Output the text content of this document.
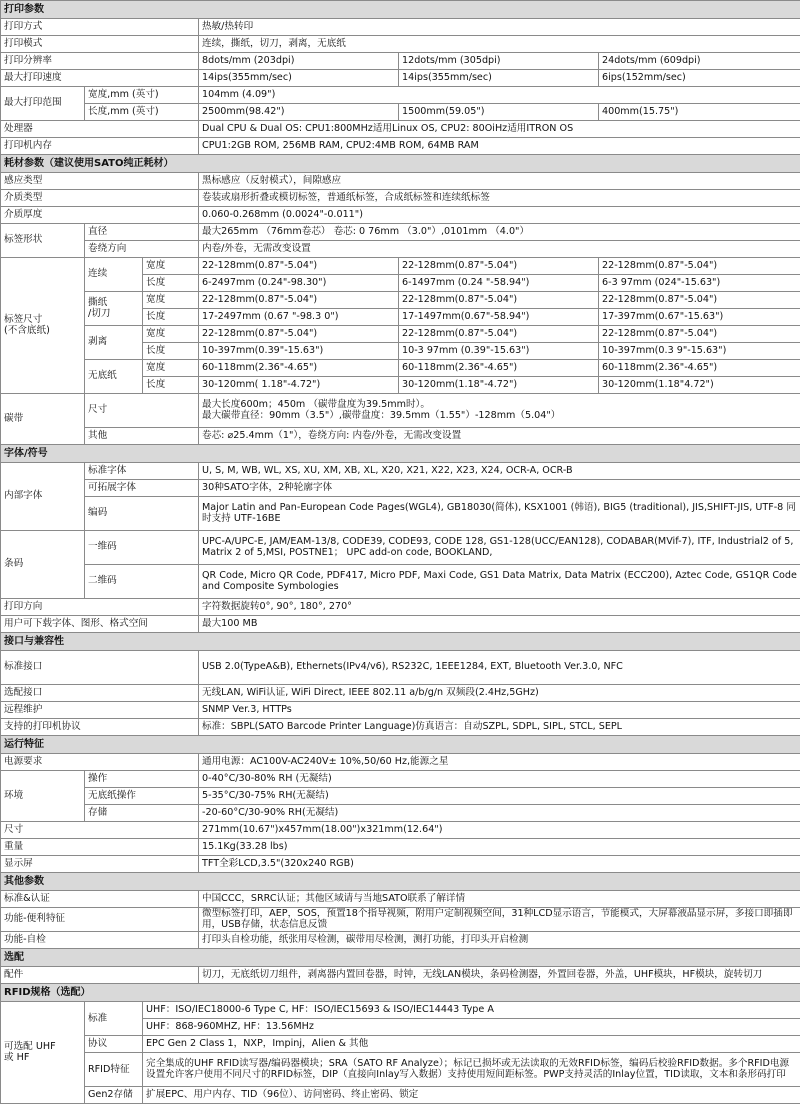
打印参数					
打印方式			热敏/热转印		
打印模式			连续，撕纸，切刀，剥离，无底纸		
打印分辨率			8dots/mm (203dpi)	12dots/mm (305dpi)	24dots/mm (609dpi)
最大打印速度			14ips(355mm/sec)	14ips(355mm/sec)	6ips(152mm/sec)
最大打印范围	宽度,mm (英寸)		104mm (4.09")		
	长度,mm (英寸)		2500mm(98.42")	1500mm(59.05")	400mm(15.75")
处理器			Dual CPU & Dual OS: CPU1:800MHz适用Linux OS, CPU2: 80OiHz适用ITRON OS		
打印机内存			CPU1:2GB ROM, 256MB RAM, CPU2:4MB ROM, 64MB RAM		
耗材参数（建议使用SATO纯正耗材）					
感应类型			黑标感应（反射模式），间隙感应		
介质类型			卷装或扇形折叠或模切标签，普通纸标签，合成纸标签和连续纸标签		
介质厚度			0.060-0.268mm (0.0024"-0.011")		
标签形状	直径		最大265mm （76mm卷芯） 卷芯: 0 76mm （3.0"）,0101mm （4.0"）		
	卷绕方向		内卷/外卷，无需改变设置		
标签尺寸
(不含底纸)	连续	宽度	22-128mm(0.87"-5.04")	22-128mm(0.87"-5.04")	22-128mm(0.87"-5.04")
		长度	6-2497mm (0.24"-98.30")	6-1497mm (0.24 "-58.94")	6-3 97mm (024"-15.63")
	撕纸
/切刀	宽度	22-128mm(0.87"-5.04")	22-128mm(0.87"-5.04")	22-128mm(0.87"-5.04")
		长度	17-2497mm (0.67 "-98.3 0")	17-1497mm(0.67"-58.94")	17-397mm(0.67"-15.63")
	剥离	宽度	22-128mm(0.87"-5.04")	22-128mm(0.87"-5.04")	22-128mm(0.87"-5.04")
		长度	10-397mm(0.39"-15.63")	10-3 97mm (0.39"-15.63")	10-397mm(0.3 9"-15.63")
	无底纸	宽度	60-118mm(2.36"-4.65")	60-118mm(2.36"-4.65")	60-118mm(2.36"-4.65")
		长度	30-120mm( 1.18"-4.72")	30-120mm(1.18"-4.72")	30-120mm(1.18"4.72")
碳带	尺寸		最大长度600m；450m （碳带盘度为39.5mm时）。
最大碳带直径：90mm（3.5"）,碳带盘度：39.5mm（1.55"）-128mm（5.04"）		
	其他		卷芯: ⌀25.4mm（1"），卷绕方向: 内卷/外卷，无需改变设置		
字体/符号					
内部字体	标准字体		U, S, M, WB, WL, XS, XU, XM, XB, XL, X20, X21, X22, X23, X24, OCR-A, OCR-B		
	可拓展字体		30种SATO字体，2种轮廓字体		
	编码		Major Latin and Pan-European Code Pages(WGL4), GB18030(简体), KSX1001 (韩语), BIG5 (traditional), JIS,SHIFT-JIS, UTF-8 同时支持 UTF-16BE		
条码	一维码		UPC-A/UPC-E, JAM/EAM-13/8, CODE39, CODE93, CODE 128, GS1-128(UCC/EAN128), CODABAR(MVif-7), ITF, Industrial2 of 5, Matrix 2 of 5,MSI, POSTNE1； UPC add-on code, BOOKLAND,		
	二维码		QR Code, Micro QR Code, PDF417, Micro PDF, Maxi Code, GS1 Data Matrix, Data Matrix (ECC200), Aztec Code, GS1QR Code and Composite Symbologies		
打印方向			字符数据旋转0°, 90°, 180°, 270°		
用户可下载字体、图形、格式空间			最大100 MB		
接口与兼容性					
标准接口			USB 2.0(TypeA&B), Ethernets(IPv4/v6), RS232C, 1EEE1284, EXT, Bluetooth Ver.3.0, NFC		
选配接口			无线LAN, WiFi认证, WiFi Direct, IEEE 802.11 a/b/g/n 双频段(2.4Hz,5GHz)		
远程维护			SNMP Ver.3, HTTPs		
支持的打印机协议			标准：SBPL(SATO Barcode Printer Language)仿真语言：自动SZPL, SDPL, SIPL, STCL, SEPL		
运行特征					
电源要求			通用电源：AC100V-AC240V± 10%,50/60 Hz,能源之星		
环境	操作		0-40°C/30-80% RH (无凝结)		
	无底纸操作		5-35°C/30-75% RH(无凝结)		
	存储		-20-60°C/30-90% RH(无凝结)		
尺寸			271mm(10.67")x457mm(18.00")x321mm(12.64")		
重量			15.1Kg(33.28 lbs)		
显示屏			TFT全彩LCD,3.5"(320x240 RGB)		
其他参数					
标准&认证			中国CCC，SRRC认证；其他区域请与当地SATO联系了解详情		
功能-便利特征			微型标签打印，AEP，SOS，预置18个指导视频，附用户定制视频空间，31种LCD显示语言，节能模式，大屏幕液晶显示屏，多接口即插即用，USB存储，状态信息反馈		
功能-自检			打印头自检功能，纸张用尽检测，碳带用尽检测，测打功能，打印头开启检测		
选配					
配件			切刀，无底纸切刀组件，剥离器内置回卷器，时钟，无线LAN模块，条码检测器，外置回卷器，外盖，UHF模块，HF模块，旋转切刀		
RFID规格（选配）					
可选配 UHF
或 HF	标准	UHF：ISO/IEC18000-6 Type C, HF：ISO/IEC15693 & ISO/IEC14443 Type A			
		UHF：868-960MHZ, HF：13.56MHz			
	协议	EPC Gen 2 Class 1，NXP，Impinj，Alien & 其他			
	RFID特征	完全集成的UHF RFID读写器/编码器模块；SRA（SATO RF Analyze）；标记已损坏或无法读取的无效RFID标签，编码后校验RFID数据。多个RFID电源设置允许客户使用不同尺寸的RFID标签，DIP（直接向Inlay写入数据）支持使用短间距标签。PWP支持灵活的Inlay位置，TID读取，文本和条形码打印			
	Gen2存储	扩展EPC、用户内存、TID（96位）、访问密码、终止密码、锁定			
